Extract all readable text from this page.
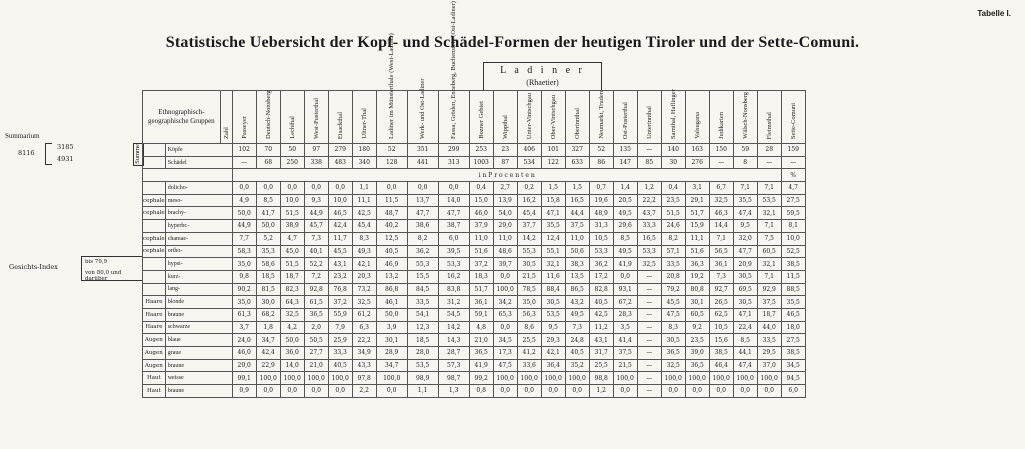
Tabelle I.
Statistische Uebersicht der Kopf- und Schädel-Formen der heutigen Tiroler und der Sette-Comuni.
L a d i n e r
(Rhaetier)
Summarium
8116
3185
4931	Summe
Gesichts-Index
bis 79,9
von 80,0 und darüber
Ethnographisch-geographische Gruppen		Zahl	Passeyer	Deutsch-Nonsberg	Lechthal	West-Pusterthal	Eisackthal	Ultner-Thal	Ladiner im Münsterthale (West-Ladiner)	Werk- und Ost-Ladiner	Fassa, Gröden, Enneberg, Buchenstein (Ost-Ladiner)	Bozner Gebiet	Wippthal	Unter-Vintschgau	Ober-Vintschgau	Oberinnthal	Neumarkt, Truden	Ost-Pusterthal	Unterinnthal	Sarnthal, Haflinger	Valsugana	Judikarien	Wälsch-Nonsberg	Fleimsthal	Sette-Comuni
	Köpfe		102	70	50	97	279	180	52	351	299	253	23	406	101	327	52	135	—	140	163	150	59	28	159
	Schädel		—	68	250	338	483	340	128	441	313	1003	87	534	122	633	86	147	85	30	276	—	8	—	—
			i n P r o c e n t e n																						%
	dolicho-		0,0	0,0	0,0	0,0	0,0	1,1	0,0	0,0	0,0	0,4	2,7	0,2	1,5	1,5	0,7	1,4	1,2	0,4	3,1	6,7	7,1	7,1	4,7
cephale	meso-		4,9	8,5	10,0	9,3	10,0	11,1	11,5	13,7	14,0	15,0	13,9	16,2	15,8	16,5	19,6	20,5	22,2	23,5	29,1	32,5	35,5	53,5	27,5
cephale	brachy-		50,0	41,7	51,5	44,9	46,5	42,5	48,7	47,7	47,7	46,0	54,0	45,4	47,1	44,4	48,9	49,5	43,7	51,5	51,7	46,3	47,4	32,1	59,5
	hyperbr.-		44,9	50,0	38,9	45,7	42,4	45,4	40,2	38,6	38,7	37,9	29,0	37,7	35,5	37,5	31,3	29,6	33,3	24,6	15,9	14,4	9,5	7,1	8,1
cephale	chamae-		7,7	5,2	4,7	7,3	11,7	8,3	12,5	8,2	6,0	11,0	11,0	14,2	12,4	11,0	10,5	8,5	16,5	8,2	11,1	7,1	32,0	7,5	10,0
cephale	ortho-		58,3	35,3	45,0	40,1	45,5	49,3	40,5	36,2	39,5	51,6	48,6	55,3	55,1	50,6	53,3	49,5	53,3	57,1	51,6	56,5	47,7	60,5	52,5
	hypsi-		35,0	58,6	51,5	52,2	43,1	42,1	46,9	55,3	53,3	37,2	39,7	30,5	32,1	38,3	36,2	41,9	32,5	33,5	36,3	36,1	20,9	32,1	38,5
	kurz-		9,8	18,5	18,7	7,2	23,2	20,3	13,2	15,5	16,2	18,3	0,0	21,5	11,6	13,5	17,2	0,0	—	20,8	19,2	7,3	30,5	7,1	11,5
	lang-		90,2	81,5	82,3	92,8	76,8	73,2	86,8	84,5	83,8	51,7	100,0	78,5	88,4	86,5	82,8	93,1	—	79,2	80,8	92,7	69,5	92,9	88,5
Haare	blonde		35,0	30,0	64,3	61,5	37,2	32,5	46,1	33,5	31,2	36,1	34,2	35,0	30,5	43,2	40,5	67,2	—	45,5	30,1	26,5	30,5	37,5	35,5
Haare	braune		61,3	68,2	32,5	36,5	55,9	61,2	50,0	54,1	54,5	59,1	65,3	56,3	53,5	49,5	42,5	28,3	—	47,5	60,5	62,5	47,1	18,7	46,5
Haare	schwarze		3,7	1,8	4,2	2,0	7,9	6,3	3,9	12,3	14,2	4,8	0,0	8,6	9,5	7,3	11,2	3,5	—	8,3	9,2	10,5	22,4	44,0	18,0
Augen	blaue		24,0	34,7	50,0	50,5	25,9	22,2	30,1	18,5	14,3	21,0	34,5	25,5	29,3	24,8	43,1	41,4	—	30,5	23,5	15,6	8,5	33,5	27,5
Augen	graue		46,0	42,4	36,0	27,7	33,3	34,9	28,9	28,0	28,7	36,5	17,3	41,2	42,1	40,5	31,7	37,5	—	36,5	39,0	38,5	44,1	29,5	38,5
Augen	braune		29,0	22,9	14,0	21,0	40,5	43,3	34,7	53,5	57,3	41,9	47,5	33,6	36,4	35,2	25,5	21,5	—	32,5	36,5	46,4	47,4	37,0	34,5
Haut	weisse		99,1	100,0	100,0	100,0	100,0	97,8	100,0	98,9	98,7	99,2	100,0	100,0	100,0	100,0	98,8	100,0	—	100,0	100,0	100,0	100,0	100,0	94,5
Haut	braune		0,9	0,0	0,0	0,0	0,0	2,2	0,0	1,1	1,3	0,8	0,0	0,0	0,0	0,0	1,2	0,0	—	0,0	0,0	0,0	0,0	0,0	6,0
